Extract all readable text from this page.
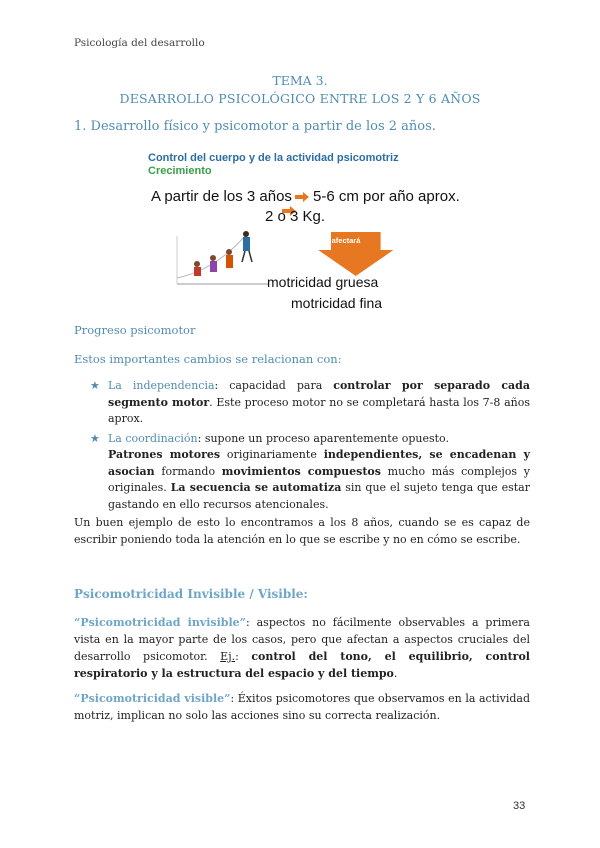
Psicología del desarrollo
TEMA 3.
DESARROLLO PSICOLÓGICO ENTRE LOS 2 Y 6 AÑOS
1. Desarrollo físico y psicomotor a partir de los 2 años.
Control del cuerpo y de la actividad psicomotriz
Crecimiento
A partir de los 3 años 5-6 cm por año aprox.
2 o 3 Kg.
afectará
motricidad gruesa
motricidad fina
Progreso psicomotor
Estos importantes cambios se relacionan con:
★ La independencia: capacidad para controlar por separado cada segmento motor. Este proceso motor no se completará hasta los 7-8 años aprox.
★ La coordinación: supone un proceso aparentemente opuesto.
Patrones motores originariamente independientes, se encadenan y asocian formando movimientos compuestos mucho más complejos y originales. La secuencia se automatiza sin que el sujeto tenga que estar gastando en ello recursos atencionales.
Un buen ejemplo de esto lo encontramos a los 8 años, cuando se es capaz de escribir poniendo toda la atención en lo que se escribe y no en cómo se escribe.
Psicomotricidad Invisible / Visible:
“Psicomotricidad invisible”: aspectos no fácilmente observables a primera vista en la mayor parte de los casos, pero que afectan a aspectos cruciales del desarrollo psicomotor. Ej.: control del tono, el equilibrio, control respiratorio y la estructura del espacio y del tiempo.
“Psicomotricidad visible”: Éxitos psicomotores que observamos en la actividad motriz, implican no solo las acciones sino su correcta realización.
33
